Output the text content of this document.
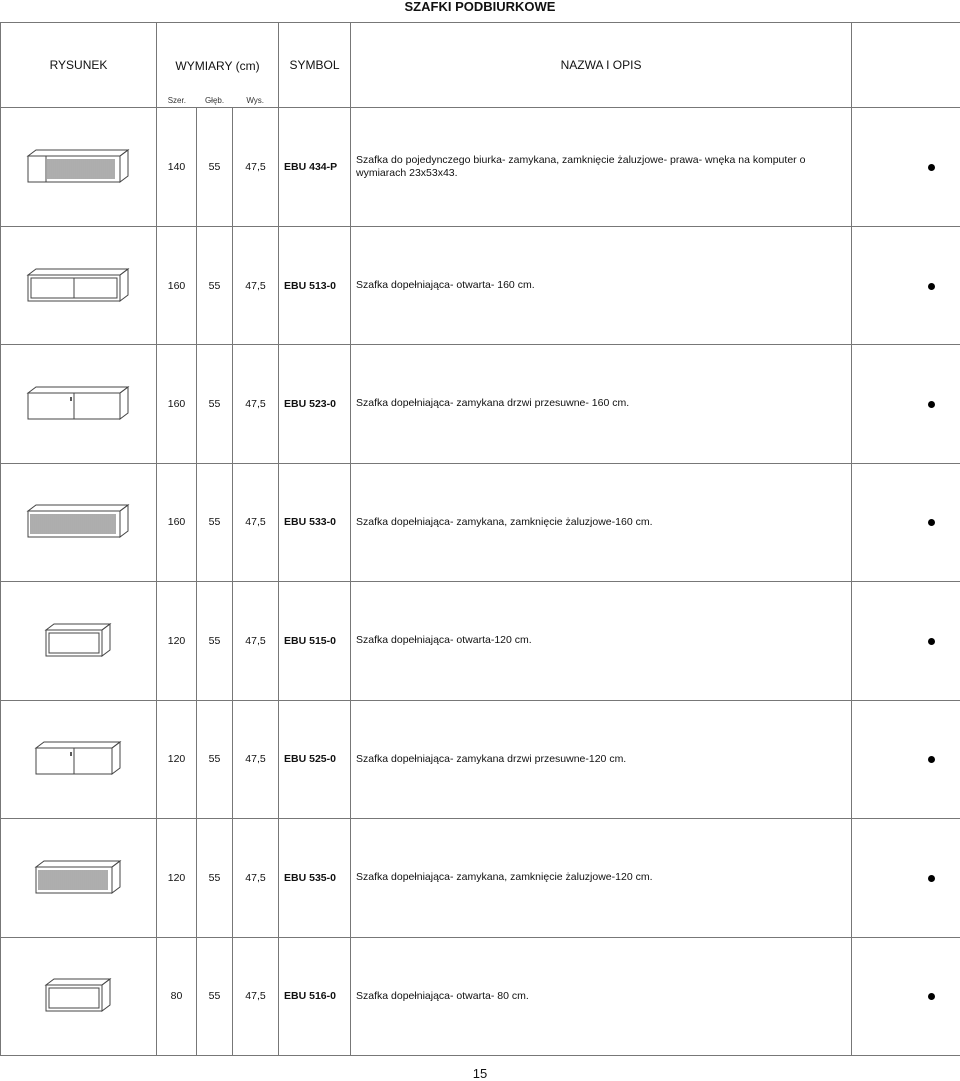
SZAFKI PODBIURKOWE
RYSUNEK	WYMIARY (cm)
Szer. Głęb. Wys.			SYMBOL	NAZWA I OPIS	

	140	55	47,5	EBU 434-P	Szafka do pojedynczego biurka- zamykana, zamknięcie żaluzjowe- prawa- wnęka na komputer o wymiarach 23x53x43.	

	160	55	47,5	EBU 513-0	Szafka dopełniająca- otwarta- 160 cm.	

	160	55	47,5	EBU 523-0	Szafka dopełniająca- zamykana drzwi przesuwne- 160 cm.	

	160	55	47,5	EBU 533-0	Szafka dopełniająca- zamykana, zamknięcie żaluzjowe-160 cm.	

	120	55	47,5	EBU 515-0	Szafka dopełniająca- otwarta-120 cm.	

	120	55	47,5	EBU 525-0	Szafka dopełniająca- zamykana drzwi przesuwne-120 cm.	

	120	55	47,5	EBU 535-0	Szafka dopełniająca- zamykana, zamknięcie żaluzjowe-120 cm.	

	80	55	47,5	EBU 516-0	Szafka dopełniająca- otwarta- 80 cm.	
15
